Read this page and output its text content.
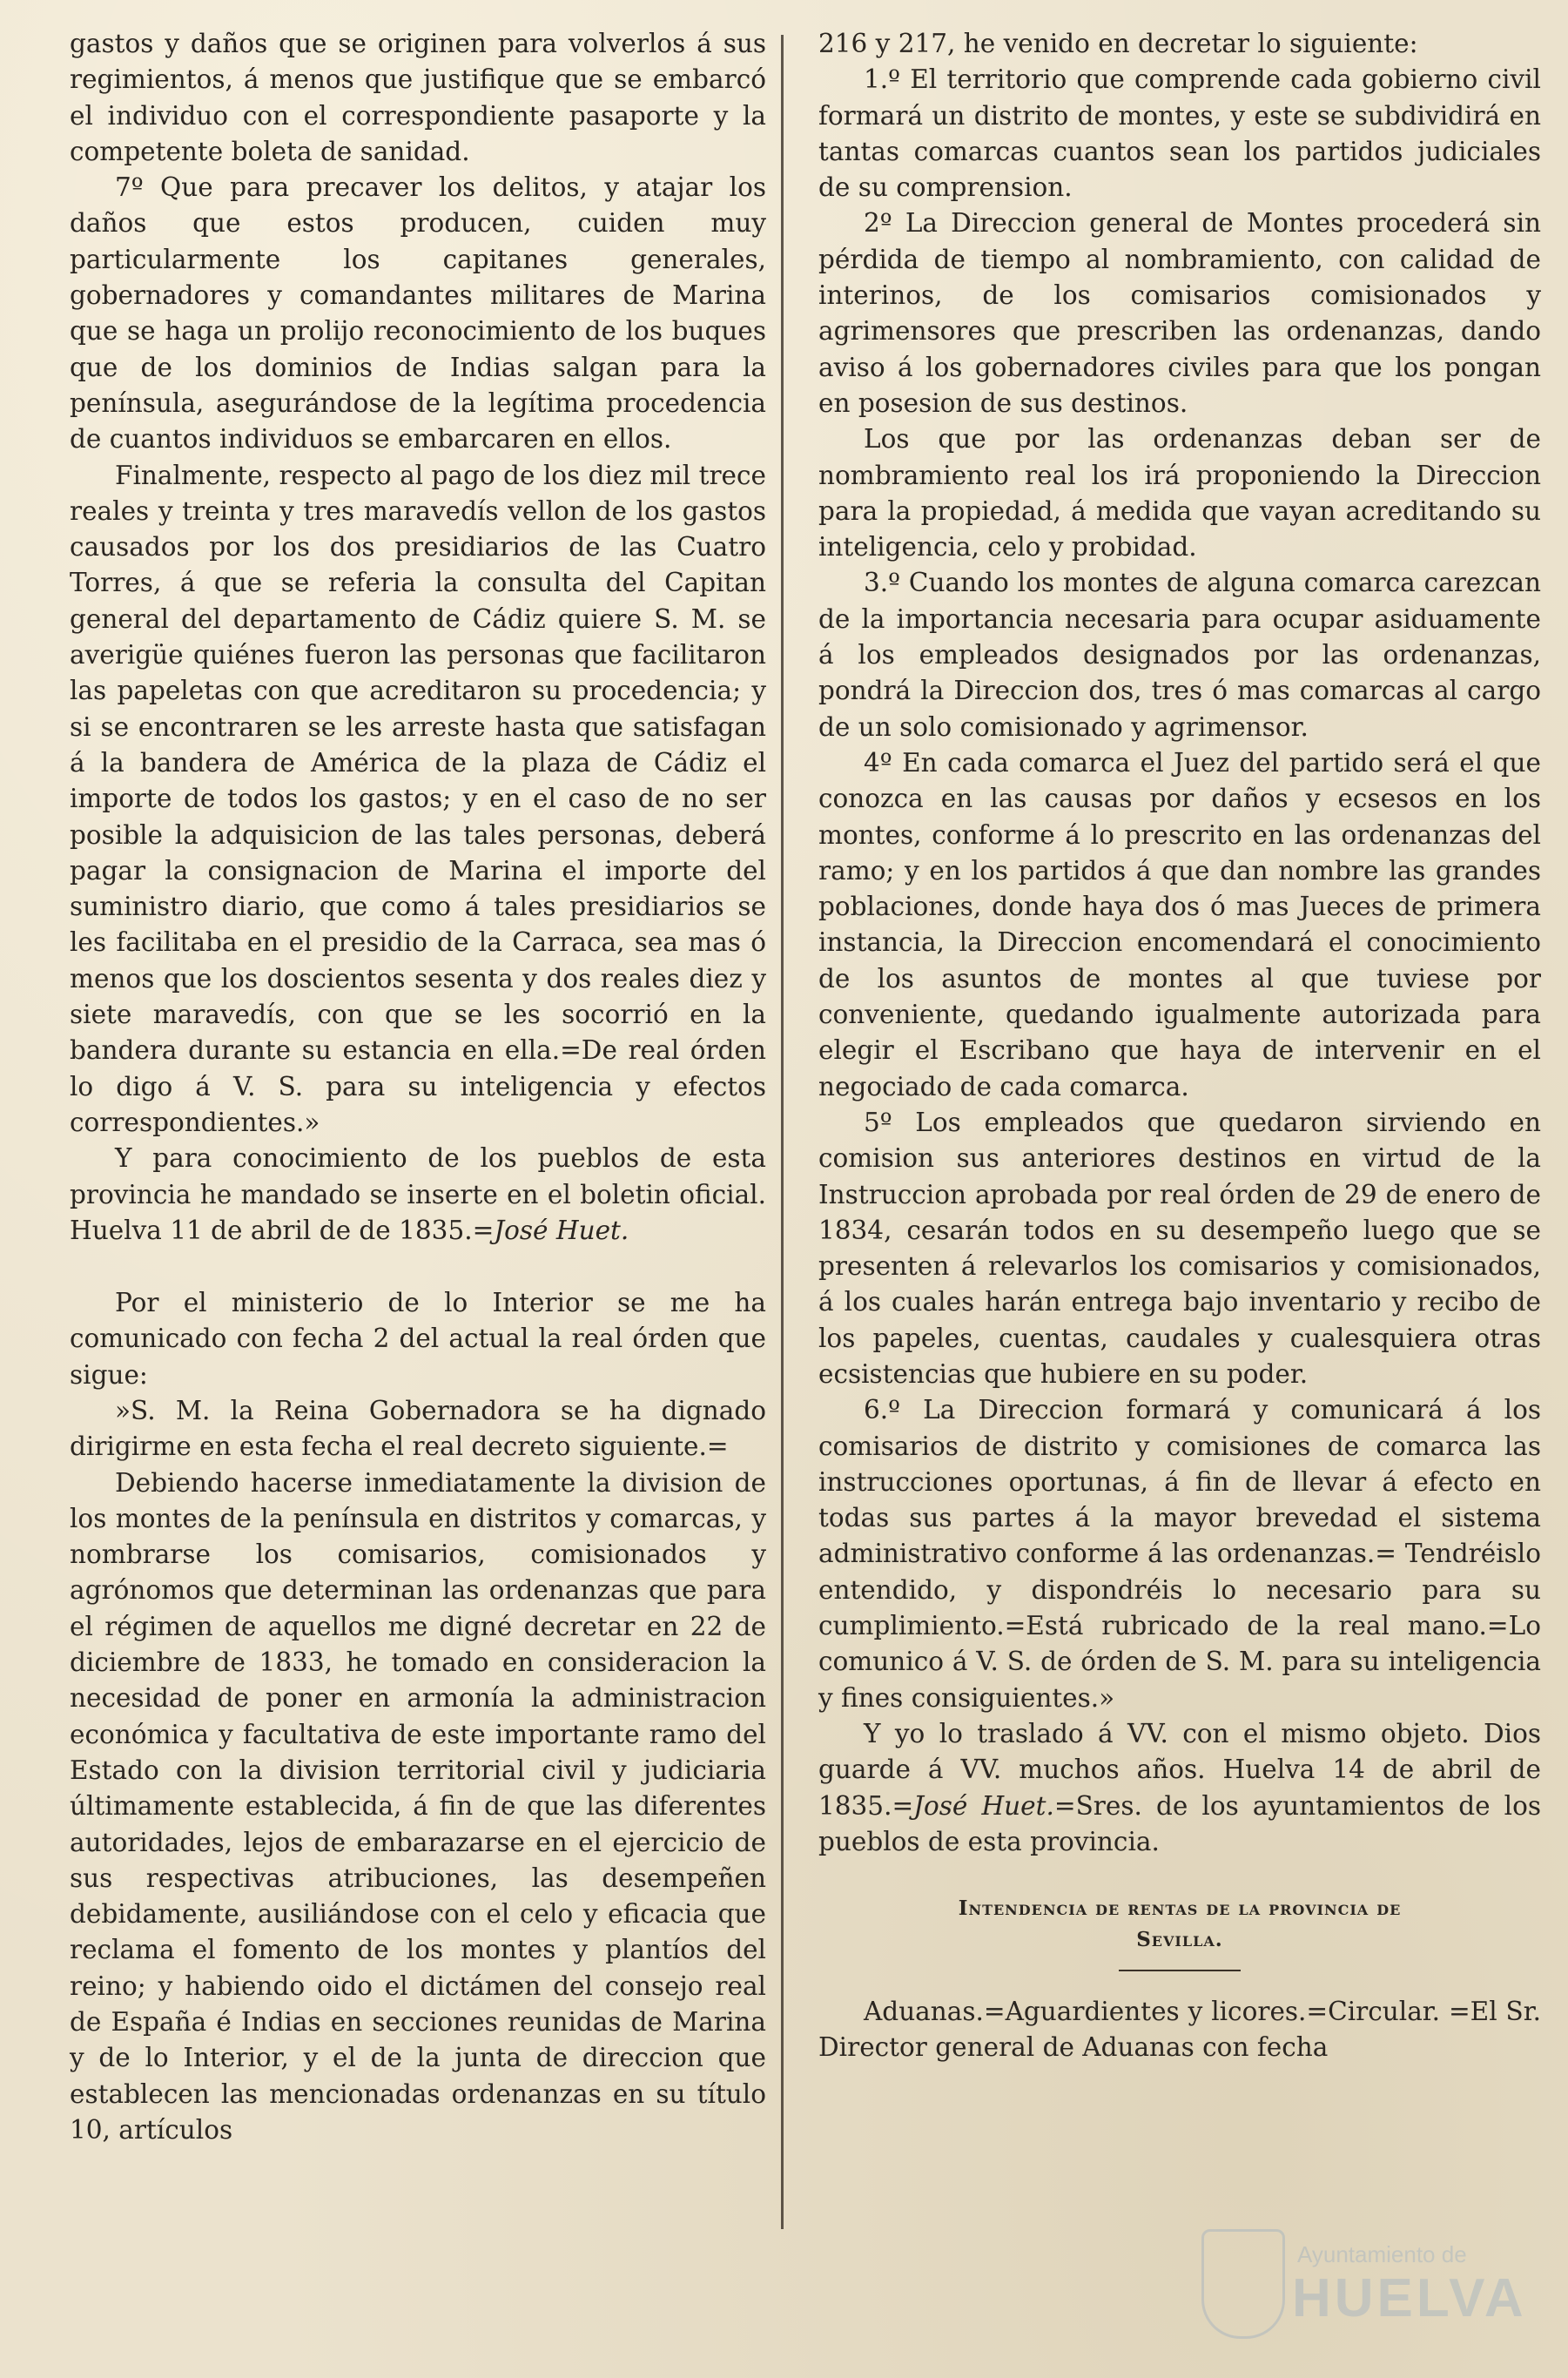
gastos y daños que se originen para volverlos á sus regimientos, á menos que justifique que se embarcó el individuo con el correspondiente pasaporte y la competente boleta de sanidad.

7º Que para precaver los delitos, y atajar los daños que estos producen, cuiden muy particularmente los capitanes generales, gobernadores y comandantes militares de Marina que se haga un prolijo reconocimiento de los buques que de los dominios de Indias salgan para la península, asegurándose de la legítima procedencia de cuantos individuos se embarcaren en ellos.

Finalmente, respecto al pago de los diez mil trece reales y treinta y tres maravedís vellon de los gastos causados por los dos presidiarios de las Cuatro Torres, á que se referia la consulta del Capitan general del departamento de Cádiz quiere S. M. se averigüe quiénes fueron las personas que facilitaron las papeletas con que acreditaron su procedencia; y si se encontraren se les arreste hasta que satisfagan á la bandera de América de la plaza de Cádiz el importe de todos los gastos; y en el caso de no ser posible la adquisicion de las tales personas, deberá pagar la consignacion de Marina el importe del suministro diario, que como á tales presidiarios se les facilitaba en el presidio de la Carraca, sea mas ó menos que los doscientos sesenta y dos reales diez y siete maravedís, con que se les socorrió en la bandera durante su estancia en ella.=De real órden lo digo á V. S. para su inteligencia y efectos correspondientes.»

Y para conocimiento de los pueblos de esta provincia he mandado se inserte en el boletin oficial. Huelva 11 de abril de de 1835.=José Huet.

Por el ministerio de lo Interior se me ha comunicado con fecha 2 del actual la real órden que sigue:

»S. M. la Reina Gobernadora se ha dignado dirigirme en esta fecha el real decreto siguiente.=

Debiendo hacerse inmediatamente la division de los montes de la península en distritos y comarcas, y nombrarse los comisarios, comisionados y agrónomos que determinan las ordenanzas que para el régimen de aquellos me digné decretar en 22 de diciembre de 1833, he tomado en consideracion la necesidad de poner en armonía la administracion económica y facultativa de este importante ramo del Estado con la division territorial civil y judiciaria últimamente establecida, á fin de que las diferentes autoridades, lejos de embarazarse en el ejercicio de sus respectivas atribuciones, las desempeñen debidamente, ausiliándose con el celo y eficacia que reclama el fomento de los montes y plantíos del reino; y habiendo oido el dictámen del consejo real de España é Indias en secciones reunidas de Marina y de lo Interior, y el de la junta de direccion que establecen las mencionadas ordenanzas en su título 10, artículos

216 y 217, he venido en decretar lo siguiente:

1.º El territorio que comprende cada gobierno civil formará un distrito de montes, y este se subdividirá en tantas comarcas cuantos sean los partidos judiciales de su comprension.

2º La Direccion general de Montes procederá sin pérdida de tiempo al nombramiento, con calidad de interinos, de los comisarios comisionados y agrimensores que prescriben las ordenanzas, dando aviso á los gobernadores civiles para que los pongan en posesion de sus destinos.

Los que por las ordenanzas deban ser de nombramiento real los irá proponiendo la Direccion para la propiedad, á medida que vayan acreditando su inteligencia, celo y probidad.

3.º Cuando los montes de alguna comarca carezcan de la importancia necesaria para ocupar asiduamente á los empleados designados por las ordenanzas, pondrá la Direccion dos, tres ó mas comarcas al cargo de un solo comisionado y agrimensor.

4º En cada comarca el Juez del partido será el que conozca en las causas por daños y ecsesos en los montes, conforme á lo prescrito en las ordenanzas del ramo; y en los partidos á que dan nombre las grandes poblaciones, donde haya dos ó mas Jueces de primera instancia, la Direccion encomendará el conocimiento de los asuntos de montes al que tuviese por conveniente, quedando igualmente autorizada para elegir el Escribano que haya de intervenir en el negociado de cada comarca.

5º Los empleados que quedaron sirviendo en comision sus anteriores destinos en virtud de la Instruccion aprobada por real órden de 29 de enero de 1834, cesarán todos en su desempeño luego que se presenten á relevarlos los comisarios y comisionados, á los cuales harán entrega bajo inventario y recibo de los papeles, cuentas, caudales y cualesquiera otras ecsistencias que hubiere en su poder.

6.º La Direccion formará y comunicará á los comisarios de distrito y comisiones de comarca las instrucciones oportunas, á fin de llevar á efecto en todas sus partes á la mayor brevedad el sistema administrativo conforme á las ordenanzas.= Tendréislo entendido, y dispondréis lo necesario para su cumplimiento.=Está rubricado de la real mano.=Lo comunico á V. S. de órden de S. M. para su inteligencia y fines consiguientes.»

Y yo lo traslado á VV. con el mismo objeto. Dios guarde á VV. muchos años. Huelva 14 de abril de 1835.=José Huet.=Sres. de los ayuntamientos de los pueblos de esta provincia.

Intendencia de rentas de la provincia de
Sevilla.

Aduanas.=Aguardientes y licores.=Circular. =El Sr. Director general de Aduanas con fecha

Ayuntamiento de
HUELVA
